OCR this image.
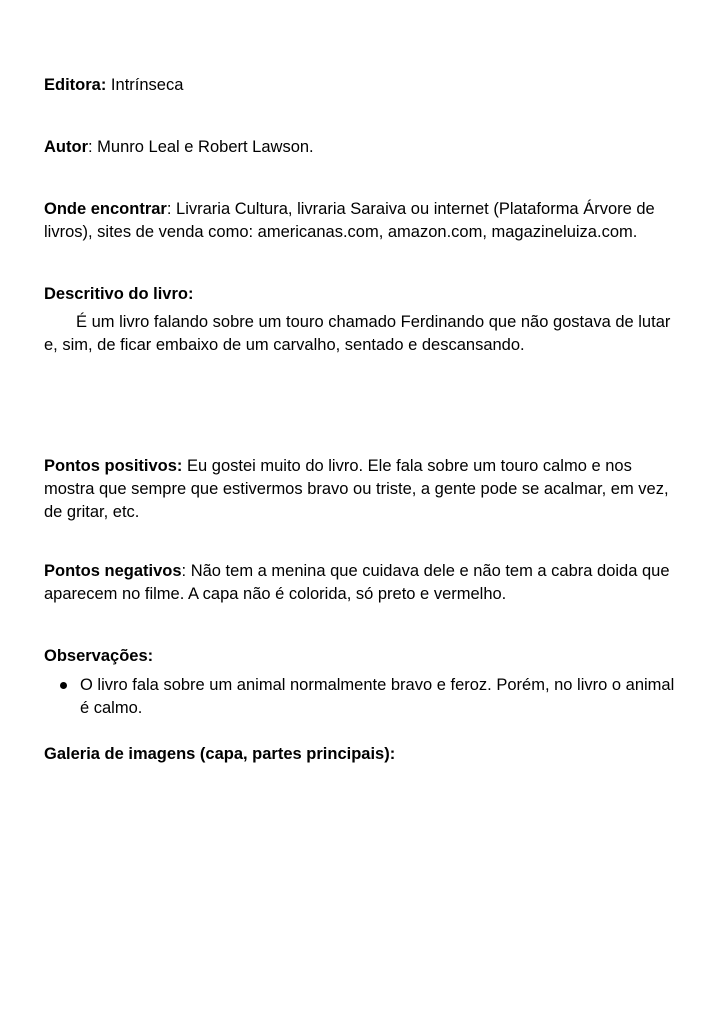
Editora: Intrínseca

Autor: Munro Leal e Robert Lawson.

Onde encontrar: Livraria Cultura, livraria Saraiva ou internet (Plataforma Árvore de livros), sites de venda como: americanas.com, amazon.com, magazineluiza.com.

Descritivo do livro:

É um livro falando sobre um touro chamado Ferdinando que não gostava de lutar e, sim, de ficar embaixo de um carvalho, sentado e descansando.

Pontos positivos: Eu gostei muito do livro. Ele fala sobre um touro calmo e nos mostra que sempre que estivermos bravo ou triste, a gente pode se acalmar, em vez, de gritar, etc.

Pontos negativos: Não tem a menina que cuidava dele e não tem a cabra doida que aparecem no filme. A capa não é colorida, só preto e vermelho.

Observações:

O livro fala sobre um animal normalmente bravo e feroz. Porém, no livro o animal é calmo.

Galeria de imagens (capa, partes principais):
